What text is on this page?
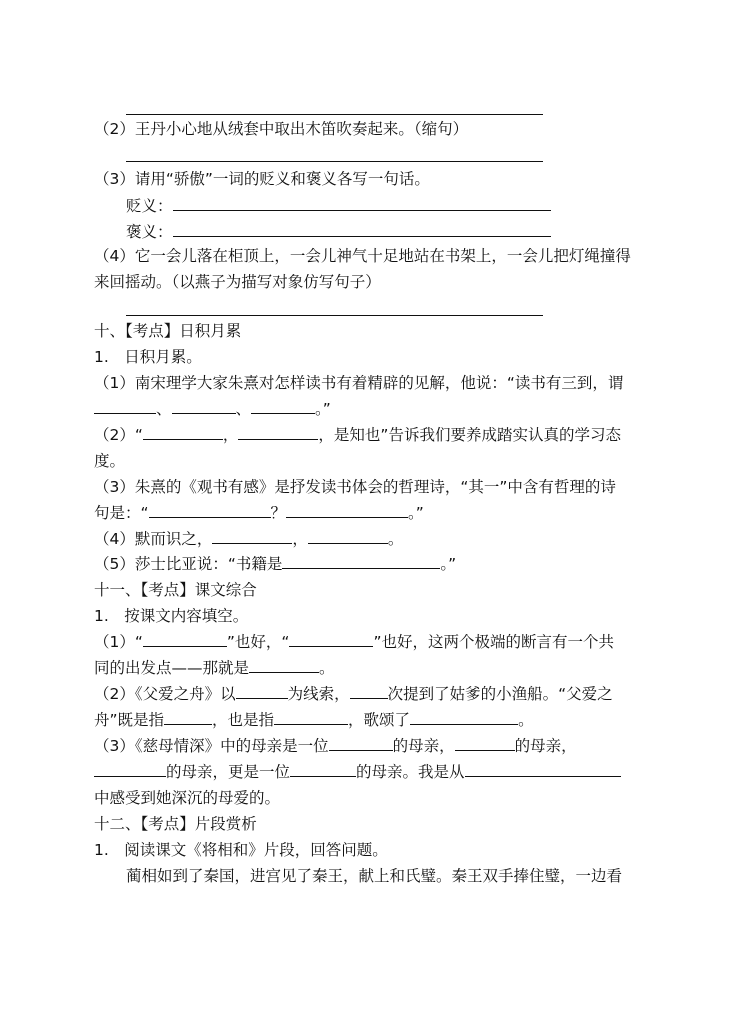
（2）王丹小心地从绒套中取出木笛吹奏起来。（缩句）
（3）请用“骄傲”一词的贬义和褒义各写一句话。
贬义：
褒义：
（4）它一会儿落在柜顶上，一会儿神气十足地站在书架上，一会儿把灯绳撞得
来回摇动。（以燕子为描写对象仿写句子）
十、【考点】日积月累
1.　日积月累。
（1）南宋理学大家朱熹对怎样读书有着精辟的见解，他说：“读书有三到，谓
、	、	。”
（2）“	，	，是知也”告诉我们要养成踏实认真的学习态
度。
（3）朱熹的《观书有感》是抒发读书体会的哲理诗，“其一”中含有哲理的诗
句是：“	？	。”
（4）默而识之，	，	。
（5）莎士比亚说：“书籍是	。”
十一、【考点】课文综合
1.　按课文内容填空。
（1）“	”也好，“	”也好，这两个极端的断言有一个共
同的出发点——那就是	。
（2）《父爱之舟》以	为线索， 次提到了姑爹的小渔船。“父爱之
舟”既是指	，也是指	，歌颂了	。
（3）《慈母情深》中的母亲是一位	的母亲，	的母亲，
的母亲，更是一位	的母亲。我是从
中感受到她深沉的母爱的。
十二、【考点】片段赏析
1.　阅读课文《将相和》片段，回答问题。
蔺相如到了秦国，进宫见了秦王，献上和氏璧。秦王双手捧住璧，一边看
